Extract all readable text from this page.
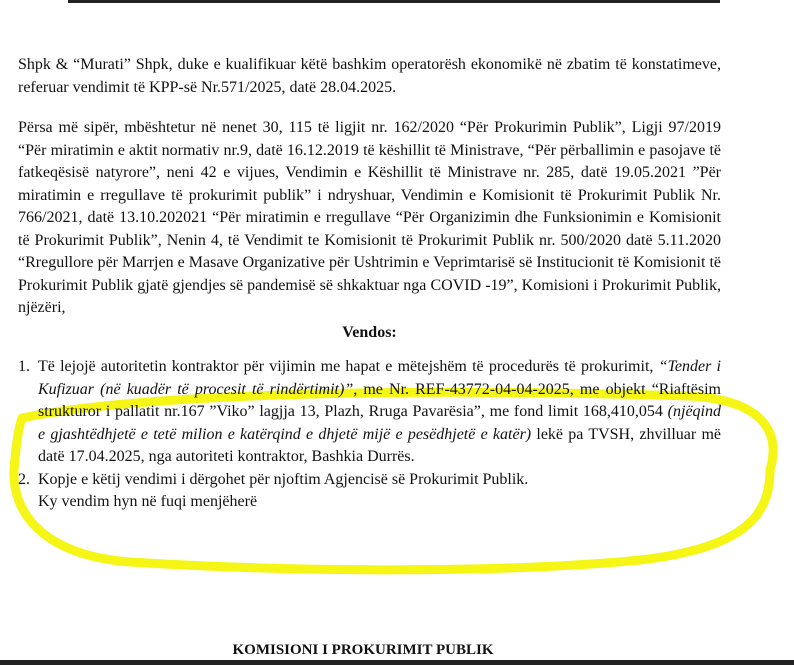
Shpk & “Murati” Shpk, duke e kualifikuar këtë bashkim operatorësh ekonomikë në zbatim të konstatimeve, referuar vendimit të KPP-së Nr.571/2025, datë 28.04.2025.

Përsa më sipër, mbështetur në nenet 30, 115 të ligjit nr. 162/2020 “Për Prokurimin Publik”, Ligji 97/2019 “Për miratimin e aktit normativ nr.9, datë 16.12.2019 të këshillit të Ministrave, “Për përballimin e pasojave të fatkeqësisë natyrore”, neni 42 e vijues, Vendimin e Këshillit të Ministrave nr. 285, datë 19.05.2021 ”Për miratimin e rregullave të prokurimit publik” i ndryshuar, Vendimin e Komisionit të Prokurimit Publik Nr. 766/2021, datë 13.10.202021 “Për miratimin e rregullave “Për Organizimin dhe Funksionimin e Komisionit të Prokurimit Publik”, Nenin 4, të Vendimit te Komisionit të Prokurimit Publik nr. 500/2020 datë 5.11.2020 “Rregullore për Marrjen e Masave Organizative për Ushtrimin e Veprimtarisë së Institucionit të Komisionit të Prokurimit Publik gjatë gjendjes së pandemisë së shkaktuar nga COVID -19”, Komisioni i Prokurimit Publik, njëzëri,

Vendos:
1. Të lejojë autoritetin kontraktor për vijimin me hapat e mëtejshëm të procedurës të prokurimit, “Tender i Kufizuar (në kuadër të procesit të rindërtimit)”, me Nr. REF-43772-04-04-2025, me objekt “Riaftësim strukturor i pallatit nr.167 ”Viko” lagjja 13, Plazh, Rruga Pavarësia”, me fond limit 168,410,054 (njëqind e gjashtëdhjetë e tetë milion e katërqind e dhjetë mijë e pesëdhjetë e katër) lekë pa TVSH, zhvilluar më datë 17.04.2025, nga autoriteti kontraktor, Bashkia Durrës.
2. Kopje e këtij vendimi i dërgohet për njoftim Agjencisë së Prokurimit Publik.
Ky vendim hyn në fuqi menjëherë
KOMISIONI I PROKURIMIT PUBLIK
